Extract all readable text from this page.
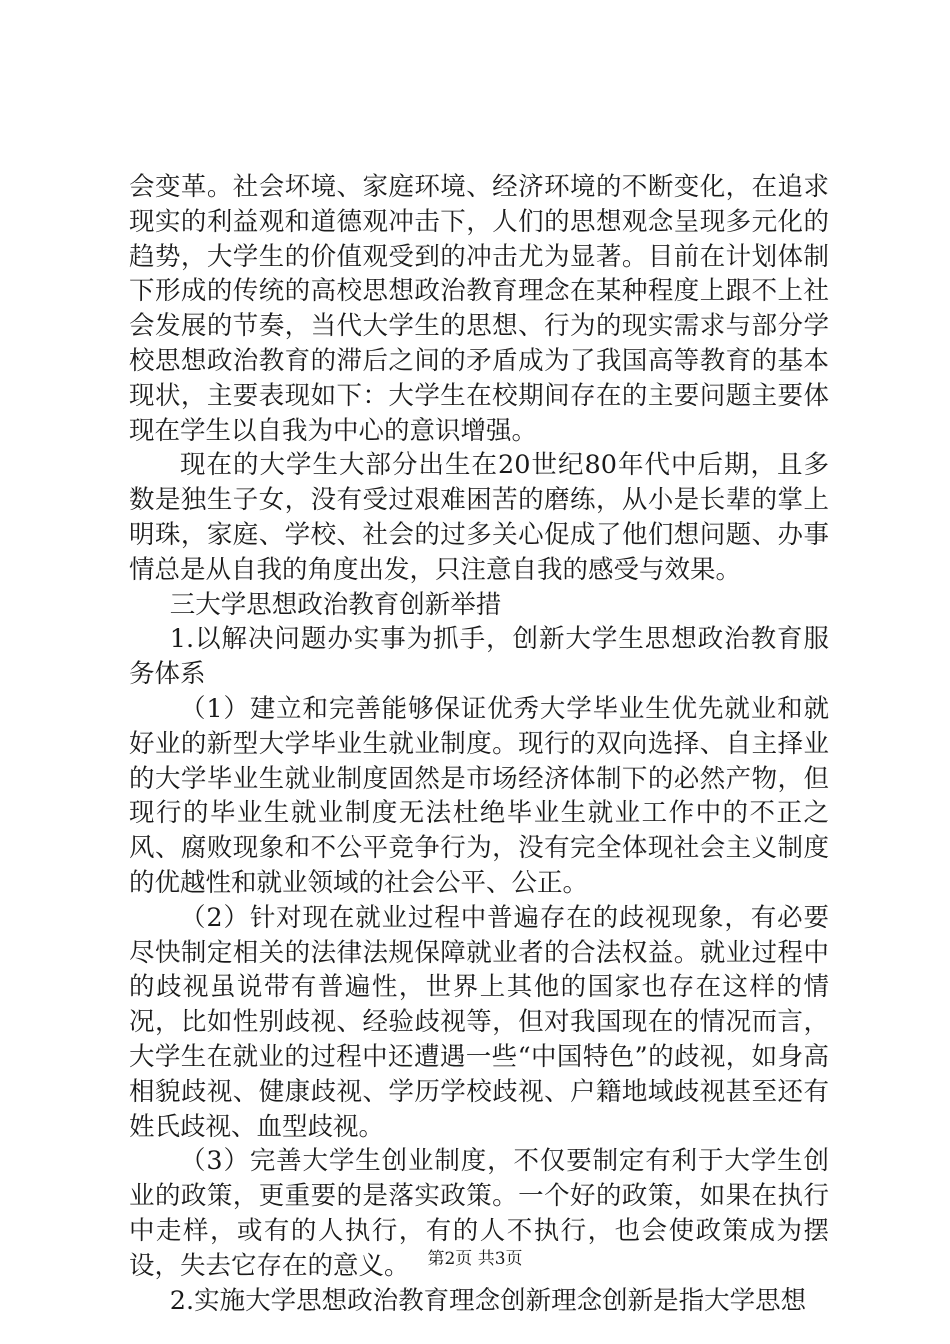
会变革。社会坏境、家庭环境、经济环境的不断变化，在追求现实的利益观和道德观冲击下，人们的思想观念呈现多元化的趋势，大学生的价值观受到的冲击尤为显著。目前在计划体制下形成的传统的高校思想政治教育理念在某种程度上跟不上社会发展的节奏，当代大学生的思想、行为的现实需求与部分学校思想政治教育的滞后之间的矛盾成为了我国高等教育的基本现状，主要表现如下：大学生在校期间存在的主要问题主要体现在学生以自我为中心的意识增强。

现在的大学生大部分出生在20世纪80年代中后期，且多数是独生子女，没有受过艰难困苦的磨练，从小是长辈的掌上明珠，家庭、学校、社会的过多关心促成了他们想问题、办事情总是从自我的角度出发，只注意自我的感受与效果。

三大学思想政治教育创新举措

1.以解决问题办实事为抓手，创新大学生思想政治教育服务体系

（1）建立和完善能够保证优秀大学毕业生优先就业和就好业的新型大学毕业生就业制度。现行的双向选择、自主择业的大学毕业生就业制度固然是市场经济体制下的必然产物，但现行的毕业生就业制度无法杜绝毕业生就业工作中的不正之风、腐败现象和不公平竞争行为，没有完全体现社会主义制度的优越性和就业领域的社会公平、公正。

（2）针对现在就业过程中普遍存在的歧视现象，有必要尽快制定相关的法律法规保障就业者的合法权益。就业过程中的歧视虽说带有普遍性，世界上其他的国家也存在这样的情况，比如性别歧视、经验歧视等，但对我国现在的情况而言，大学生在就业的过程中还遭遇一些“中国特色”的歧视，如身高相貌歧视、健康歧视、学历学校歧视、户籍地域歧视甚至还有姓氏歧视、血型歧视。

（3）完善大学生创业制度，不仅要制定有利于大学生创业的政策，更重要的是落实政策。一个好的政策，如果在执行中走样，或有的人执行，有的人不执行，也会使政策成为摆设，失去它存在的意义。

2.实施大学思想政治教育理念创新理念创新是指大学思想

第2页 共3页
